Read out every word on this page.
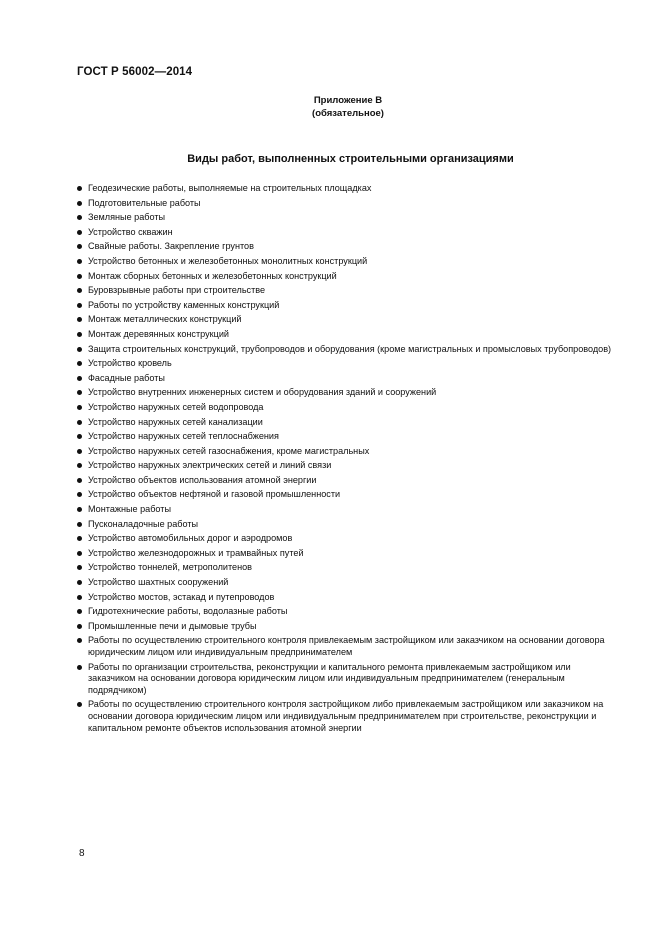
ГОСТ Р 56002—2014
Приложение В
(обязательное)
Виды работ, выполненных строительными организациями
Геодезические работы, выполняемые на строительных площадках
Подготовительные работы
Земляные работы
Устройство скважин
Свайные работы. Закрепление грунтов
Устройство бетонных и железобетонных монолитных конструкций
Монтаж сборных бетонных и железобетонных конструкций
Буровзрывные работы при строительстве
Работы по устройству каменных конструкций
Монтаж металлических конструкций
Монтаж деревянных конструкций
Защита строительных конструкций, трубопроводов и оборудования (кроме магистральных и промысловых трубопроводов)
Устройство кровель
Фасадные работы
Устройство внутренних инженерных систем и оборудования зданий и сооружений
Устройство наружных сетей водопровода
Устройство наружных сетей канализации
Устройство наружных сетей теплоснабжения
Устройство наружных сетей газоснабжения, кроме магистральных
Устройство наружных электрических сетей и линий связи
Устройство объектов использования атомной энергии
Устройство объектов нефтяной и газовой промышленности
Монтажные работы
Пусконаладочные работы
Устройство автомобильных дорог и аэродромов
Устройство железнодорожных и трамвайных путей
Устройство тоннелей, метрополитенов
Устройство шахтных сооружений
Устройство мостов, эстакад и путепроводов
Гидротехнические работы, водолазные работы
Промышленные печи и дымовые трубы
Работы по осуществлению строительного контроля привлекаемым застройщиком или заказчиком на основании договора юридическим лицом или индивидуальным предпринимателем
Работы по организации строительства, реконструкции и капитального ремонта привлекаемым застройщиком или заказчиком на основании договора юридическим лицом или индивидуальным предпринимателем (генеральным подрядчиком)
Работы по осуществлению строительного контроля застройщиком либо привлекаемым застройщиком или заказчиком на основании договора юридическим лицом или индивидуальным предпринимателем при строительстве, реконструкции и капитальном ремонте объектов использования атомной энергии
8
